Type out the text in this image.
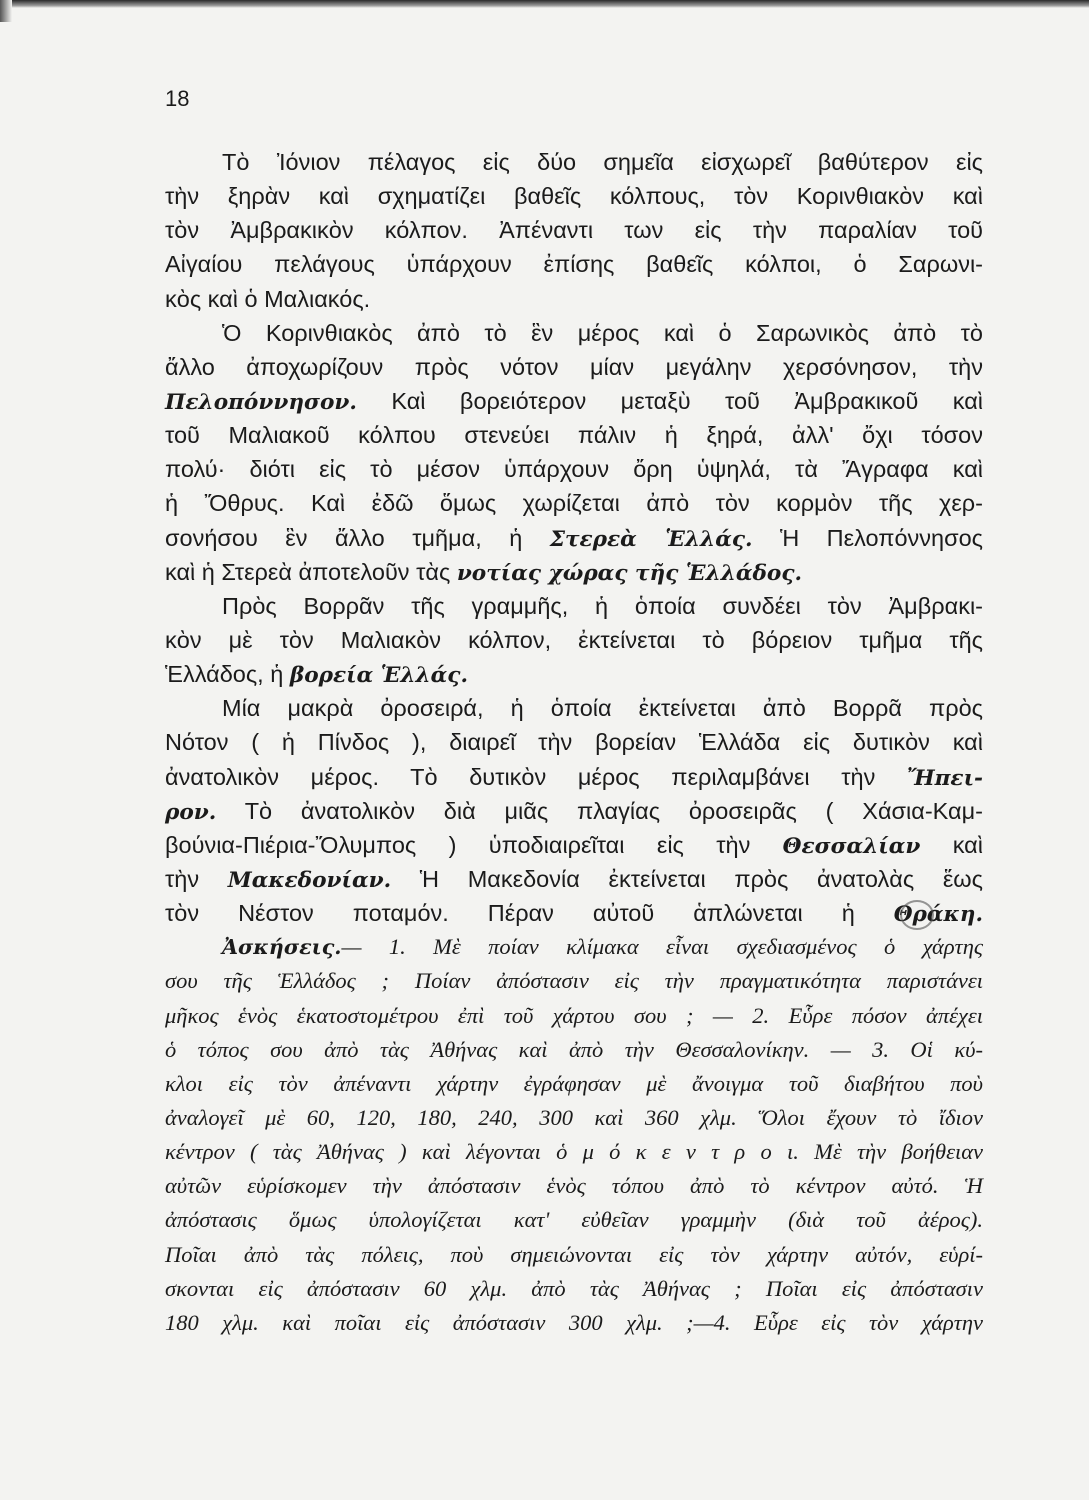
18
Τὸ Ἰόνιον πέλαγος εἰς δύο σημεῖα εἰσχωρεῖ βαθύτερον εἰς
τὴν ξηρὰν καὶ σχηματίζει βαθεῖς κόλπους, τὸν Κορινθιακὸν καὶ
τὸν Ἀμβρακικὸν κόλπον. Ἀπέναντι των εἰς τὴν παραλίαν τοῦ
Αἰγαίου πελάγους ὑπάρχουν ἐπίσης βαθεῖς κόλποι, ὁ Σαρωνι-
κὸς καὶ ὁ Μαλιακός.
Ὁ Κορινθιακὸς ἀπὸ τὸ ἓν μέρος καὶ ὁ Σαρωνικὸς ἀπὸ τὸ
ἄλλο ἀποχωρίζουν πρὸς νότον μίαν μεγάλην χερσόνησον, τὴν
Πελοπόννησον. Καὶ βορειότερον μεταξὺ τοῦ Ἀμβρακικοῦ καὶ
τοῦ Μαλιακοῦ κόλπου στενεύει πάλιν ἡ ξηρά, ἀλλ' ὄχι τόσον
πολύ· διότι εἰς τὸ μέσον ὑπάρχουν ὄρη ὑψηλά, τὰ Ἄγραφα καὶ
ἡ Ὄθρυς. Καὶ ἐδῶ ὅμως χωρίζεται ἀπὸ τὸν κορμὸν τῆς χερ-
σονήσου ἓν ἄλλο τμῆμα, ἡ Στερεὰ Ἑλλάς. Ἡ Πελοπόννησος
καὶ ἡ Στερεὰ ἀποτελοῦν τὰς νοτίας χώρας τῆς Ἑλλάδος.
Πρὸς Βορρᾶν τῆς γραμμῆς, ἡ ὁποία συνδέει τὸν Ἀμβρακι-
κὸν μὲ τὸν Μαλιακὸν κόλπον, ἐκτείνεται τὸ βόρειον τμῆμα τῆς
Ἑλλάδος, ἡ βορεία Ἑλλάς.
Μία μακρὰ ὀροσειρά, ἡ ὁποία ἐκτείνεται ἀπὸ Βορρᾶ πρὸς
Νότον ( ἡ Πίνδος ), διαιρεῖ τὴν βορείαν Ἑλλάδα εἰς δυτικὸν καὶ
ἀνατολικὸν μέρος. Τὸ δυτικὸν μέρος περιλαμβάνει τὴν Ἤπει-
ρον. Τὸ ἀνατολικὸν διὰ μιᾶς πλαγίας ὀροσειρᾶς ( Χάσια-Καμ-
βούνια-Πιέρια-Ὄλυμπος ) ὑποδιαιρεῖται εἰς τὴν Θεσσαλίαν καὶ
τὴν Μακεδονίαν. Ἡ Μακεδονία ἐκτείνεται πρὸς ἀνατολὰς ἕως
τὸν Νέστον ποταμόν. Πέραν αὐτοῦ ἁπλώνεται ἡ Θράκη.
Ἀσκήσεις.— 1. Μὲ ποίαν κλίμακα εἶναι σχεδιασμένος ὁ χάρτης
σου τῆς Ἑλλάδος ; Ποίαν ἀπόστασιν εἰς τὴν πραγματικότητα παριστάνει
μῆκος ἑνὸς ἑκατοστομέτρου ἐπὶ τοῦ χάρτου σου ; — 2. Εὗρε πόσον ἀπέχει
ὁ τόπος σου ἀπὸ τὰς Ἀθήνας καὶ ἀπὸ τὴν Θεσσαλονίκην. — 3. Οἱ κύ-
κλοι εἰς τὸν ἀπέναντι χάρτην ἐγράφησαν μὲ ἄνοιγμα τοῦ διαβήτου ποὺ
ἀναλογεῖ μὲ 60, 120, 180, 240, 300 καὶ 360 χλμ. Ὅλοι ἔχουν τὸ ἴδιον
κέντρον ( τὰς Ἀθήνας ) καὶ λέγονται ὁ μ ό κ ε ν τ ρ ο ι. Μὲ τὴν βοήθειαν
αὐτῶν εὑρίσκομεν τὴν ἀπόστασιν ἑνὸς τόπου ἀπὸ τὸ κέντρον αὐτό. Ἡ
ἀπόστασις ὅμως ὑπολογίζεται κατ' εὐθεῖαν γραμμὴν (διὰ τοῦ ἀέρος).
Ποῖαι ἀπὸ τὰς πόλεις, ποὺ σημειώνονται εἰς τὸν χάρτην αὐτόν, εὑρί-
σκονται εἰς ἀπόστασιν 60 χλμ. ἀπὸ τὰς Ἀθήνας ; Ποῖαι εἰς ἀπόστασιν
180 χλμ. καὶ ποῖαι εἰς ἀπόστασιν 300 χλμ. ;—4. Εὗρε εἰς τὸν χάρτην
